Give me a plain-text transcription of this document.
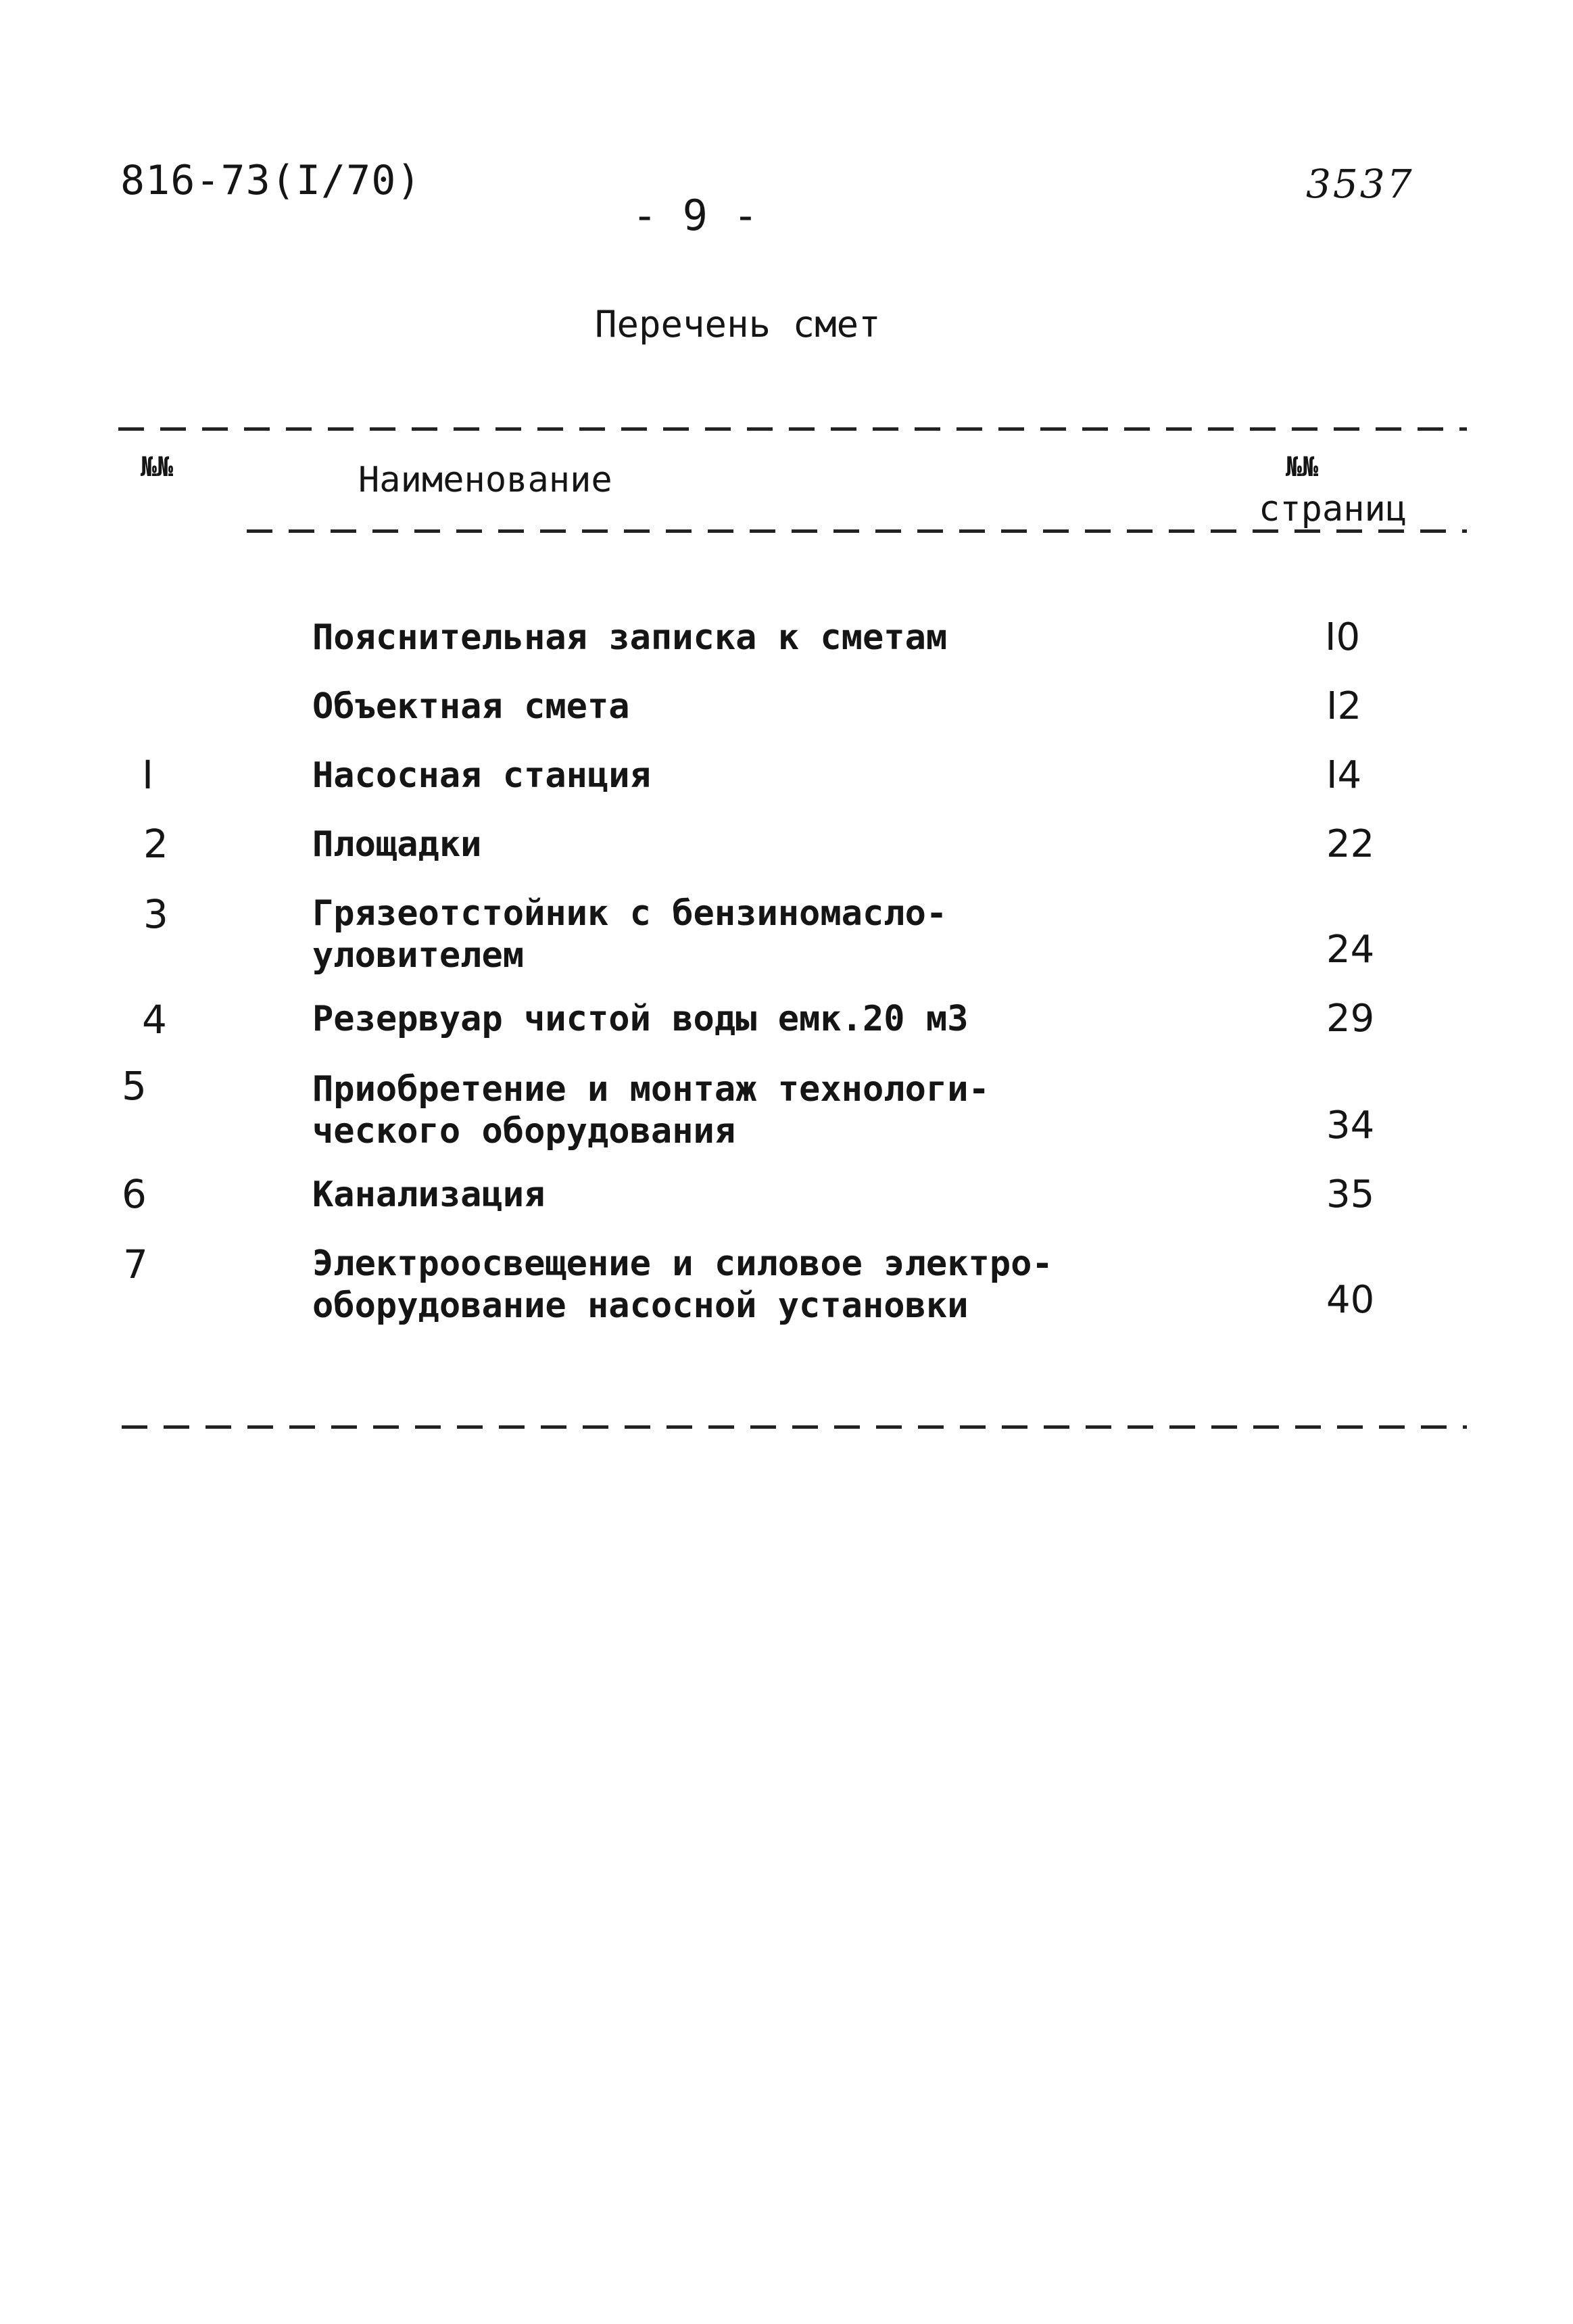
816-73(I/70)
- 9 -
3537
Перечень смет
№№	Наименование	№№
страниц
Пояснительная записка к сметам	I0
Объектная смета	I2
I	Насосная станция	I4
2	Площадки	22
3	Грязеотстойник с бензиномасло-
уловителем	24
4	Резервуар чистой воды емк.20 м3	29
5	Приобретение и монтаж технологи-
ческого оборудования	34
6	Канализация	35
7	Электроосвещение и силовое электро-
оборудование насосной установки	40
